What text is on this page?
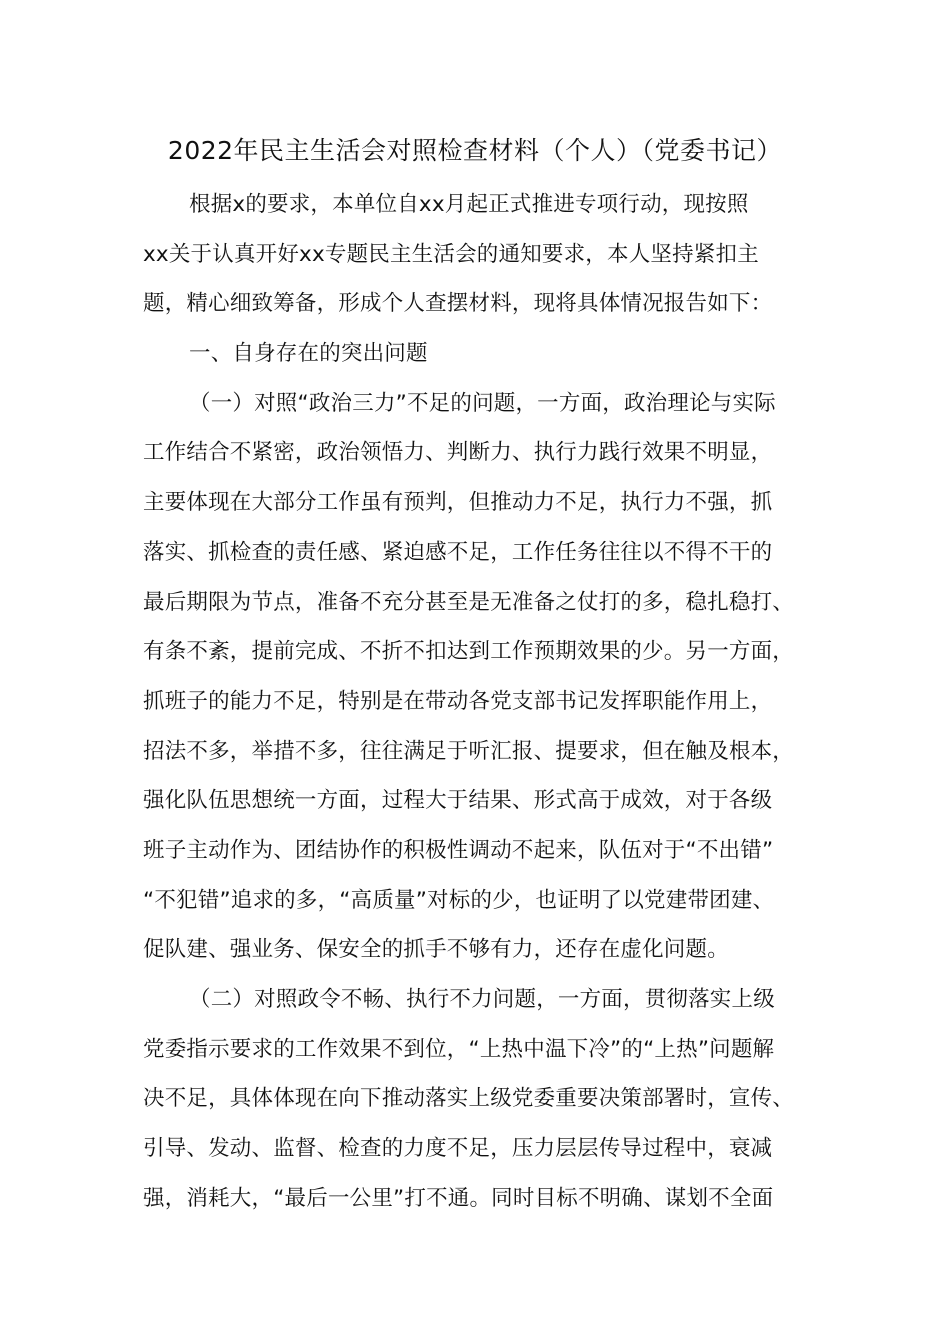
2022年民主生活会对照检查材料（个人）（党委书记）
根据x的要求，本单位自xx月起正式推进专项行动，现按照
xx关于认真开好xx专题民主生活会的通知要求，本人坚持紧扣主
题，精心细致筹备，形成个人查摆材料，现将具体情况报告如下：
一、自身存在的突出问题
（一）对照“政治三力”不足的问题，一方面，政治理论与实际
工作结合不紧密，政治领悟力、判断力、执行力践行效果不明显，
主要体现在大部分工作虽有预判，但推动力不足，执行力不强，抓
落实、抓检查的责任感、紧迫感不足，工作任务往往以不得不干的
最后期限为节点，准备不充分甚至是无准备之仗打的多，稳扎稳打、
有条不紊，提前完成、不折不扣达到工作预期效果的少。另一方面，
抓班子的能力不足，特别是在带动各党支部书记发挥职能作用上，
招法不多，举措不多，往往满足于听汇报、提要求，但在触及根本，
强化队伍思想统一方面，过程大于结果、形式高于成效，对于各级
班子主动作为、团结协作的积极性调动不起来，队伍对于“不出错”
“不犯错”追求的多，“高质量”对标的少，也证明了以党建带团建、
促队建、强业务、保安全的抓手不够有力，还存在虚化问题。
（二）对照政令不畅、执行不力问题，一方面，贯彻落实上级
党委指示要求的工作效果不到位，“上热中温下冷”的“上热”问题解
决不足，具体体现在向下推动落实上级党委重要决策部署时，宣传、
引导、发动、监督、检查的力度不足，压力层层传导过程中，衰减
强，消耗大，“最后一公里”打不通。同时目标不明确、谋划不全面
